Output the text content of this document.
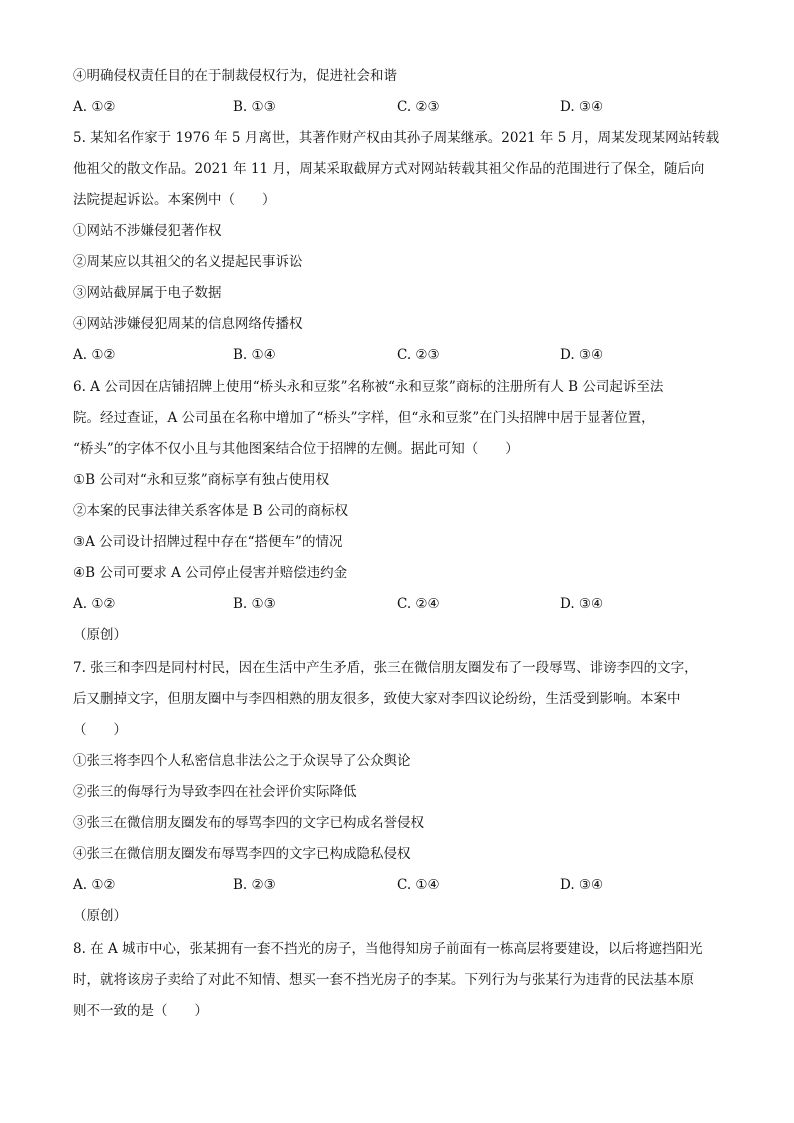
④明确侵权责任目的在于制裁侵权行为，促进社会和谐
A. ①②	B. ①③	C. ②③	D. ③④
5. 某知名作家于 1976 年 5 月离世，其著作财产权由其孙子周某继承。2021 年 5 月，周某发现某网站转载
他祖父的散文作品。2021 年 11 月，周某采取截屏方式对网站转载其祖父作品的范围进行了保全，随后向
法院提起诉讼。本案例中（　　）
①网站不涉嫌侵犯著作权
②周某应以其祖父的名义提起民事诉讼
③网站截屏属于电子数据
④网站涉嫌侵犯周某的信息网络传播权
A. ①②	B. ①④	C. ②③	D. ③④
6. A 公司因在店铺招牌上使用“桥头永和豆浆”名称被“永和豆浆”商标的注册所有人 B 公司起诉至法
院。经过查证，A 公司虽在名称中增加了“桥头”字样，但“永和豆浆”在门头招牌中居于显著位置，
“桥头”的字体不仅小且与其他图案结合位于招牌的左侧。据此可知（　　）
①B 公司对“永和豆浆”商标享有独占使用权
②本案的民事法律关系客体是 B 公司的商标权
③A 公司设计招牌过程中存在“搭便车”的情况
④B 公司可要求 A 公司停止侵害并赔偿违约金
A. ①②	B. ①③	C. ②④	D. ③④
（原创）
7. 张三和李四是同村村民，因在生活中产生矛盾，张三在微信朋友圈发布了一段辱骂、诽谤李四的文字，
后又删掉文字，但朋友圈中与李四相熟的朋友很多，致使大家对李四议论纷纷，生活受到影响。本案中
（　　）
①张三将李四个人私密信息非法公之于众误导了公众舆论
②张三的侮辱行为导致李四在社会评价实际降低
③张三在微信朋友圈发布的辱骂李四的文字已构成名誉侵权
④张三在微信朋友圈发布辱骂李四的文字已构成隐私侵权
A. ①②	B. ②③	C. ①④	D. ③④
（原创）
8. 在 A 城市中心，张某拥有一套不挡光的房子，当他得知房子前面有一栋高层将要建设，以后将遮挡阳光
时，就将该房子卖给了对此不知情、想买一套不挡光房子的李某。下列行为与张某行为违背的民法基本原
则不一致的是（　　）
